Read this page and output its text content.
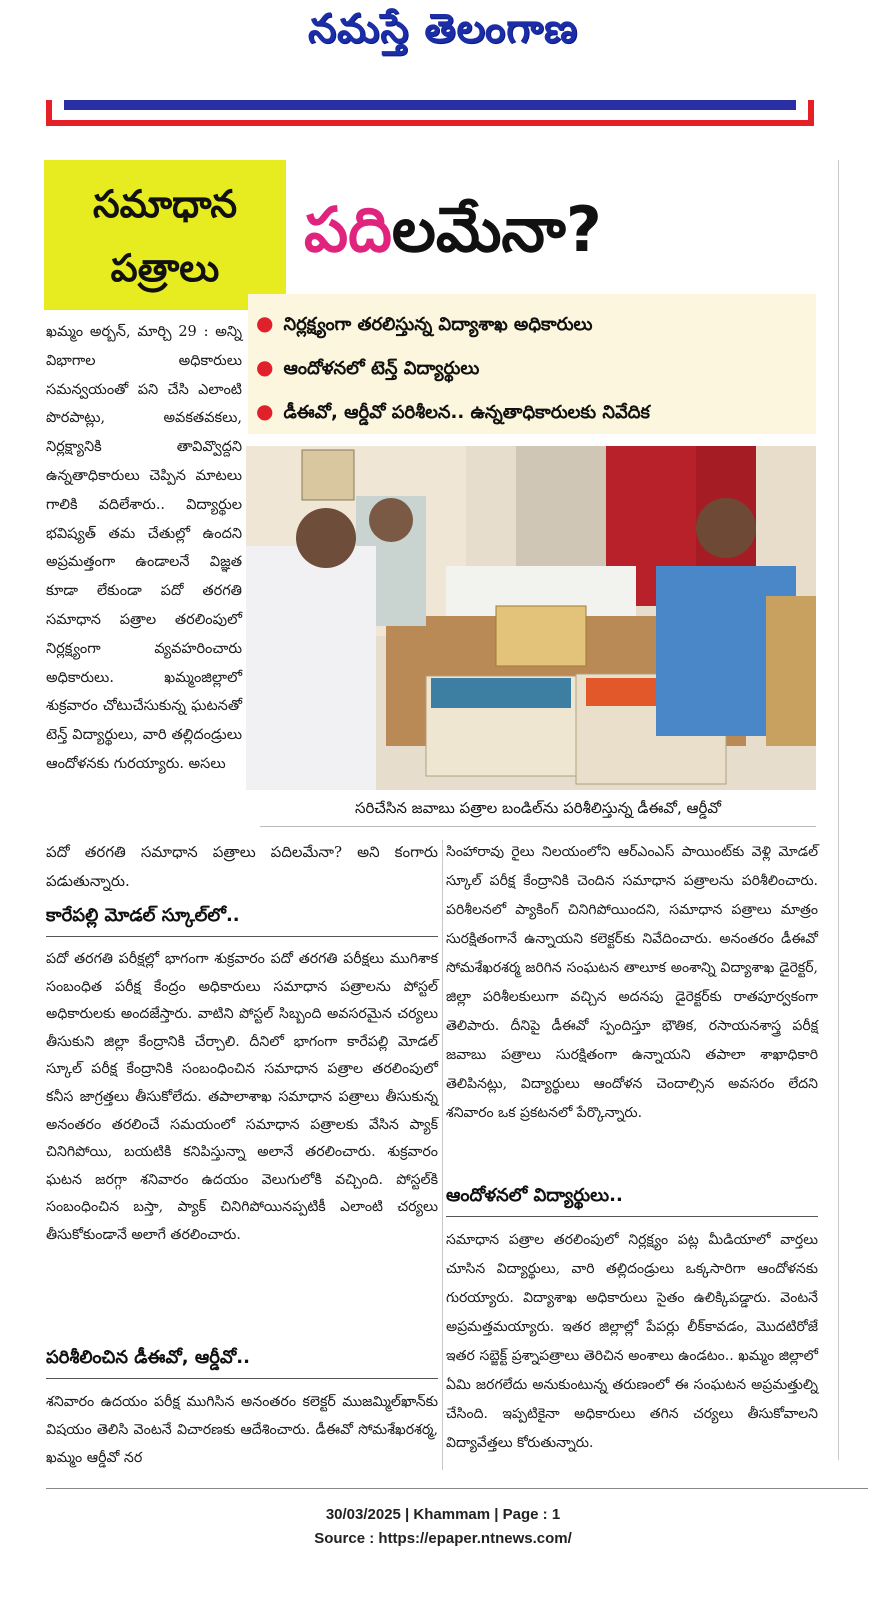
నమస్తే తెలంగాణ
సమాధాన
పత్రాలు
పదిలమేనా?
● నిర్లక్ష్యంగా తరలిస్తున్న విద్యాశాఖ అధికారులు
● ఆందోళనలో టెన్త్ విద్యార్థులు
● డీఈవో, ఆర్డీవో పరిశీలన.. ఉన్నతాధికారులకు నివేదిక

ఖమ్మం అర్బన్, మార్చి 29 : అన్ని విభాగాల అధికారులు సమన్వయంతో పని చేసి ఎలాంటి పొరపాట్లు, అవకతవకలు, నిర్లక్ష్యానికి తావివ్వొద్దని ఉన్నతాధికారులు చెప్పిన మాటలు గాలికి వదిలేశారు.. విద్యార్థుల భవిష్యత్ తమ చేతుల్లో ఉందని అప్రమత్తంగా ఉండాలనే విజ్ఞత కూడా లేకుండా పదో తరగతి సమాధాన పత్రాల తరలింపులో నిర్లక్ష్యంగా వ్యవహరించారు అధికారులు. ఖమ్మంజిల్లాలో శుక్రవారం చోటుచేసుకున్న ఘటనతో టెన్త్ విద్యార్థులు, వారి తల్లిదండ్రులు ఆందోళనకు గురయ్యారు. అసలు

పదో తరగతి సమాధాన పత్రాలు పదిలమేనా? అని కంగారు పడుతున్నారు.

సరిచేసిన జవాబు పత్రాల బండిల్‌ను పరిశీలిస్తున్న డీఈవో, ఆర్డీవో

కారేపల్లి మోడల్ స్కూల్‌లో..

పదో తరగతి పరీక్షల్లో భాగంగా శుక్రవారం పదో తరగతి పరీక్షలు ముగిశాక సంబంధిత పరీక్ష కేంద్రం అధికారులు సమాధాన పత్రాలను పోస్టల్ అధికారులకు అందజేస్తారు. వాటిని పోస్టల్ సిబ్బంది అవసరమైన చర్యలు తీసుకుని జిల్లా కేంద్రానికి చేర్చాలి. దీనిలో భాగంగా కారేపల్లి మోడల్ స్కూల్ పరీక్ష కేంద్రానికి సంబంధించిన సమాధాన పత్రాల తరలింపులో కనీస జాగ్రత్తలు తీసుకోలేదు. తపాలాశాఖ సమాధాన పత్రాలు తీసుకున్న అనంతరం తరలించే సమయంలో సమాధాన పత్రాలకు వేసిన ప్యాక్ చినిగిపోయి, బయటికి కనిపిస్తున్నా అలానే తరలించారు. శుక్రవారం ఘటన జరగ్గా శనివారం ఉదయం వెలుగులోకి వచ్చింది. పోస్టల్‌కి సంబంధించిన బస్తా, ప్యాక్ చినిగిపోయినప్పటికీ ఎలాంటి చర్యలు తీసుకోకుండానే అలాగే తరలించారు.

పరిశీలించిన డీఈవో, ఆర్డీవో..

శనివారం ఉదయం పరీక్ష ముగిసిన అనంతరం కలెక్టర్ ముజమ్మిల్‌ఖాన్‌కు విషయం తెలిసి వెంటనే విచారణకు ఆదేశించారు. డీఈవో సోమశేఖరశర్మ, ఖమ్మం ఆర్డీవో నర

సింహారావు రైలు నిలయంలోని ఆర్‌ఎంఎస్ పాయింట్‌కు వెళ్లి మోడల్ స్కూల్ పరీక్ష కేంద్రానికి చెందిన సమాధాన పత్రాలను పరిశీలించారు. పరిశీలనలో ప్యాకింగ్ చినిగిపోయిందని, సమాధాన పత్రాలు మాత్రం సురక్షితంగానే ఉన్నాయని కలెక్టర్‌కు నివేదించారు. అనంతరం డీఈవో సోమశేఖరశర్మ జరిగిన సంఘటన తాలూక అంశాన్ని విద్యాశాఖ డైరెక్టర్, జిల్లా పరిశీలకులుగా వచ్చిన అదనపు డైరెక్టర్‌కు రాతపూర్వకంగా తెలిపారు. దీనిపై డీఈవో స్పందిస్తూ భౌతిక, రసాయనశాస్త్ర పరీక్ష జవాబు పత్రాలు సురక్షితంగా ఉన్నాయని తపాలా శాఖాధికారి తెలిపినట్లు, విద్యార్థులు ఆందోళన చెందాల్సిన అవసరం లేదని శనివారం ఒక ప్రకటనలో పేర్కొన్నారు.

ఆందోళనలో విద్యార్థులు..

సమాధాన పత్రాల తరలింపులో నిర్లక్ష్యం పట్ల మీడియాలో వార్తలు చూసిన విద్యార్థులు, వారి తల్లిదండ్రులు ఒక్కసారిగా ఆందోళనకు గురయ్యారు. విద్యాశాఖ అధికారులు సైతం ఉలిక్కిపడ్డారు. వెంటనే అప్రమత్తమయ్యారు. ఇతర జిల్లాల్లో పేపర్లు లీక్‌కావడం, మొదటిరోజే ఇతర సబ్జెక్ట్ ప్రశ్నాపత్రాలు తెరిచిన అంశాలు ఉండటం.. ఖమ్మం జిల్లాలో ఏమి జరగలేదు అనుకుంటున్న తరుణంలో ఈ సంఘటన అప్రమత్తుల్ని చేసింది. ఇప్పటికైనా అధికారులు తగిన చర్యలు తీసుకోవాలని విద్యావేత్తలు కోరుతున్నారు.

30/03/2025 | Khammam | Page : 1
Source : https://epaper.ntnews.com/
